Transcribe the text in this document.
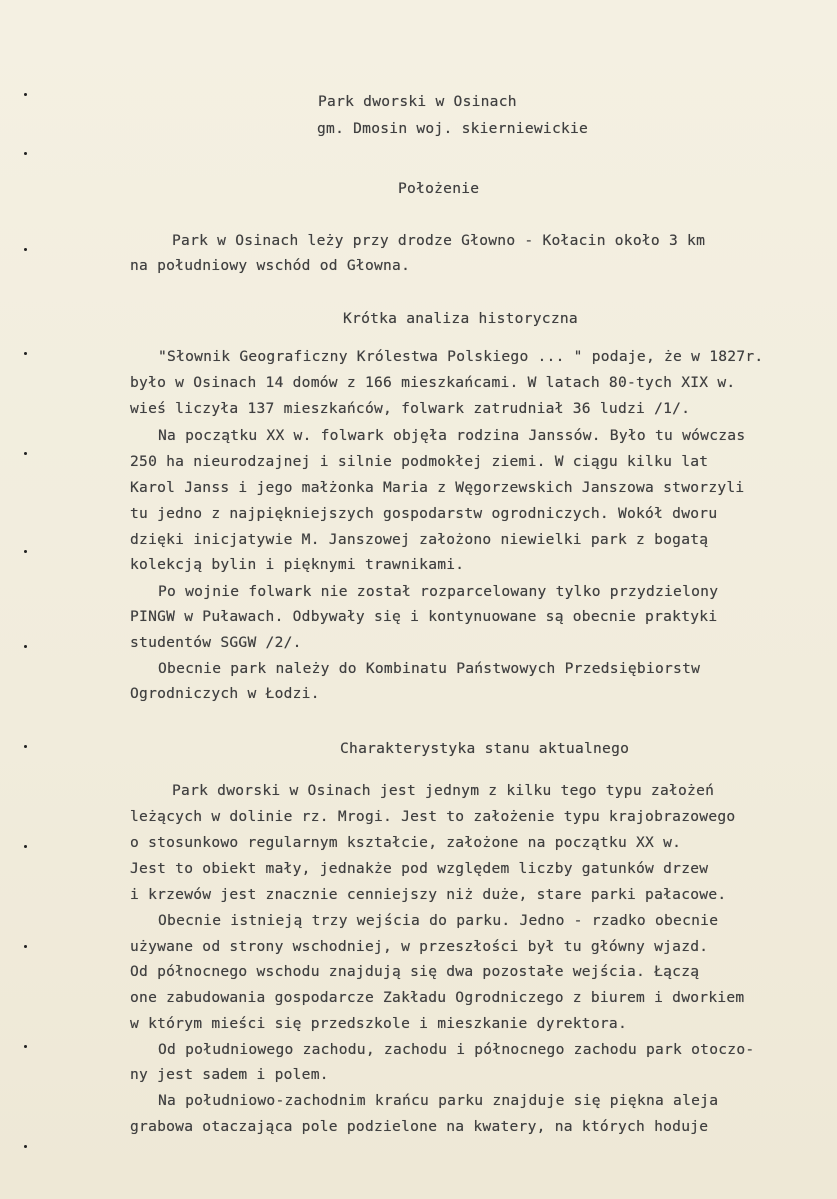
Park dworski w Osinach
gm. Dmosin woj. skierniewickie
Położenie
Park w Osinach leży przy drodze Głowno - Kołacin około 3 km
na południowy wschód od Głowna.
Krótka analiza historyczna
"Słownik Geograficzny Królestwa Polskiego ... " podaje, że w 1827r.
było w Osinach 14 domów z 166 mieszkańcami. W latach 80-tych XIX w.
wieś liczyła 137 mieszkańców, folwark zatrudniał 36 ludzi /1/.
Na początku XX w. folwark objęła rodzina Janssów. Było tu wówczas
250 ha nieurodzajnej i silnie podmokłej ziemi. W ciągu kilku lat
Karol Janss i jego małżonka Maria z Węgorzewskich Janszowa stworzyli
tu jedno z najpiękniejszych gospodarstw ogrodniczych. Wokół dworu
dzięki inicjatywie M. Janszowej założono niewielki park z bogatą
kolekcją bylin i pięknymi trawnikami.
Po wojnie folwark nie został rozparcelowany tylko przydzielony
PINGW w Puławach. Odbywały się i kontynuowane są obecnie praktyki
studentów SGGW /2/.
Obecnie park należy do Kombinatu Państwowych Przedsiębiorstw
Ogrodniczych w Łodzi.
Charakterystyka stanu aktualnego
Park dworski w Osinach jest jednym z kilku tego typu założeń
leżących w dolinie rz. Mrogi. Jest to założenie typu krajobrazowego
o stosunkowo regularnym kształcie, założone na początku XX w.
Jest to obiekt mały, jednakże pod względem liczby gatunków drzew
i krzewów jest znacznie cenniejszy niż duże, stare parki pałacowe.
Obecnie istnieją trzy wejścia do parku. Jedno - rzadko obecnie
używane od strony wschodniej, w przeszłości był tu główny wjazd.
Od północnego wschodu znajdują się dwa pozostałe wejścia. Łączą
one zabudowania gospodarcze Zakładu Ogrodniczego z biurem i dworkiem
w którym mieści się przedszkole i mieszkanie dyrektora.
Od południowego zachodu, zachodu i północnego zachodu park otoczo-
ny jest sadem i polem.
Na południowo-zachodnim krańcu parku znajduje się piękna aleja
grabowa otaczająca pole podzielone na kwatery, na których hoduje
